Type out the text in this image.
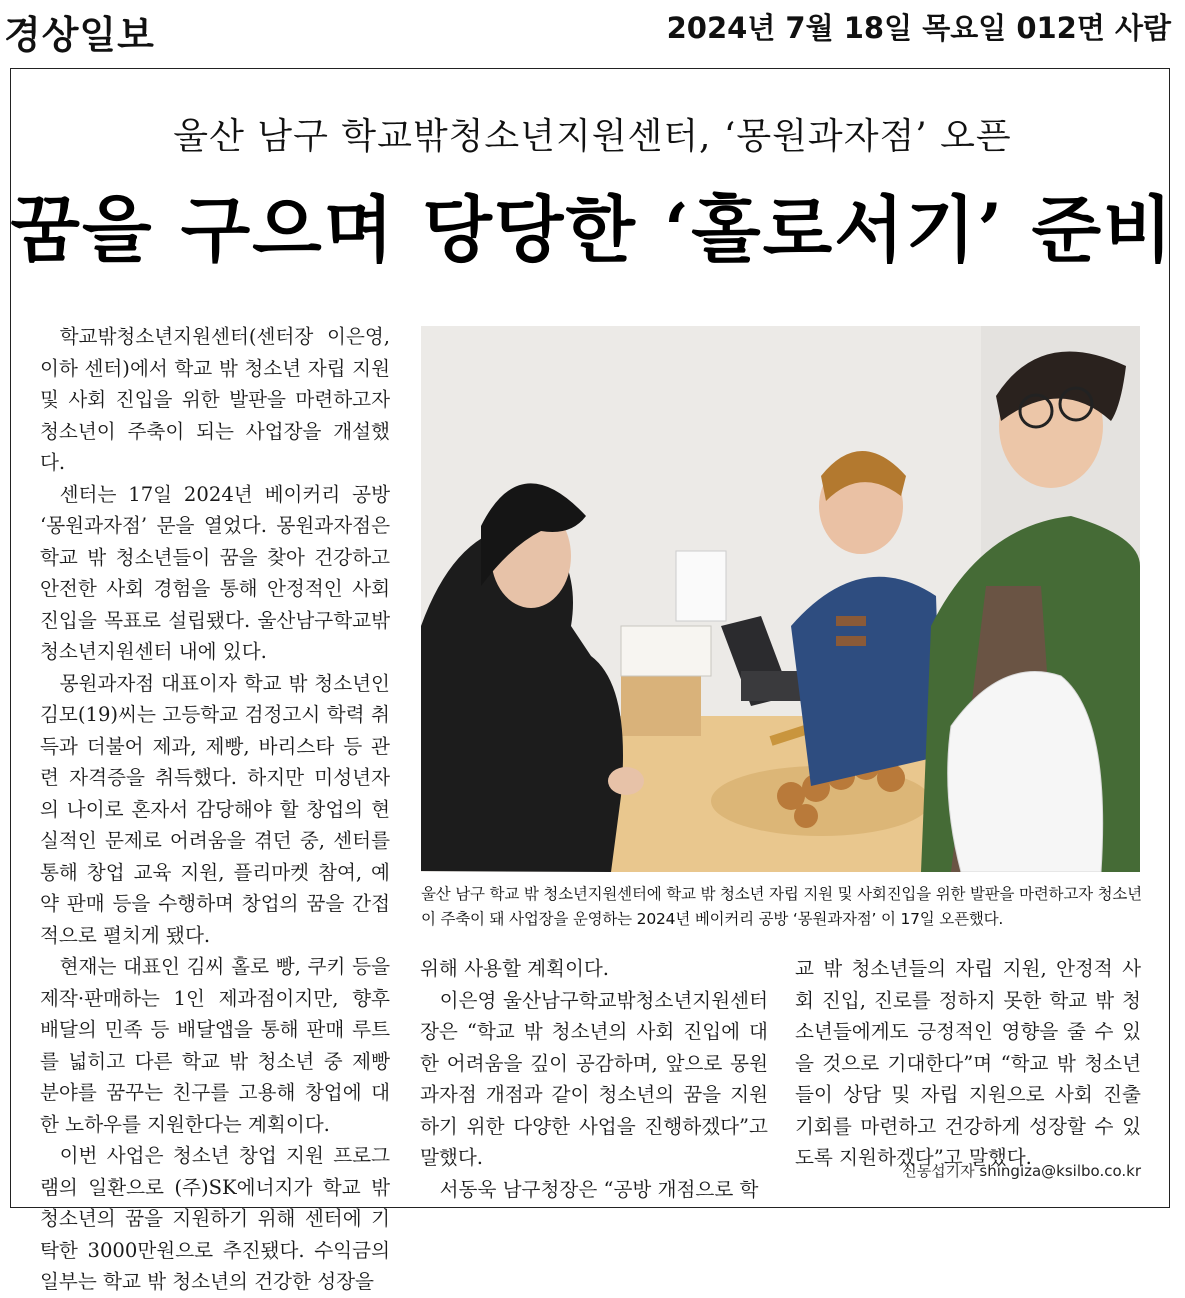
경상일보	2024년 7월 18일 목요일 012면 사람
울산 남구 학교밖청소년지원센터, ‘몽원과자점’ 오픈
꿈을 구으며 당당한 ‘홀로서기’ 준비

학교밖청소년지원센터(센터장 이은영, 이하 센터)에서 학교 밖 청소년 자립 지원 및 사회 진입을 위한 발판을 마련하고자 청소년이 주축이 되는 사업장을 개설했다.

센터는 17일 2024년 베이커리 공방 ‘몽원과자점’ 문을 열었다. 몽원과자점은 학교 밖 청소년들이 꿈을 찾아 건강하고 안전한 사회 경험을 통해 안정적인 사회 진입을 목표로 설립됐다. 울산남구학교밖청소년지원센터 내에 있다.

몽원과자점 대표이자 학교 밖 청소년인 김모(19)씨는 고등학교 검정고시 학력 취득과 더불어 제과, 제빵, 바리스타 등 관련 자격증을 취득했다. 하지만 미성년자의 나이로 혼자서 감당해야 할 창업의 현실적인 문제로 어려움을 겪던 중, 센터를 통해 창업 교육 지원, 플리마켓 참여, 예약 판매 등을 수행하며 창업의 꿈을 간접적으로 펼치게 됐다.

현재는 대표인 김씨 홀로 빵, 쿠키 등을 제작·판매하는 1인 제과점이지만, 향후 배달의 민족 등 배달앱을 통해 판매 루트를 넓히고 다른 학교 밖 청소년 중 제빵 분야를 꿈꾸는 친구를 고용해 창업에 대한 노하우를 지원한다는 계획이다.

이번 사업은 청소년 창업 지원 프로그램의 일환으로 (주)SK에너지가 학교 밖 청소년의 꿈을 지원하기 위해 센터에 기탁한 3000만원으로 추진됐다. 수익금의 일부는 학교 밖 청소년의 건강한 성장을

울산 남구 학교 밖 청소년지원센터에 학교 밖 청소년 자립 지원 및 사회진입을 위한 발판을 마련하고자 청소년이 주축이 돼 사업장을 운영하는 2024년 베이커리 공방 ‘몽원과자점’ 이 17일 오픈했다.

위해 사용할 계획이다.

이은영 울산남구학교밖청소년지원센터장은 “학교 밖 청소년의 사회 진입에 대한 어려움을 깊이 공감하며, 앞으로 몽원과자점 개점과 같이 청소년의 꿈을 지원하기 위한 다양한 사업을 진행하겠다”고 말했다.

서동욱 남구청장은 “공방 개점으로 학

교 밖 청소년들의 자립 지원, 안정적 사회 진입, 진로를 정하지 못한 학교 밖 청소년들에게도 긍정적인 영향을 줄 수 있을 것으로 기대한다”며 “학교 밖 청소년들이 상담 및 자립 지원으로 사회 진출 기회를 마련하고 건강하게 성장할 수 있도록 지원하겠다”고 말했다.

신동섭기자 shingiza@ksilbo.co.kr
